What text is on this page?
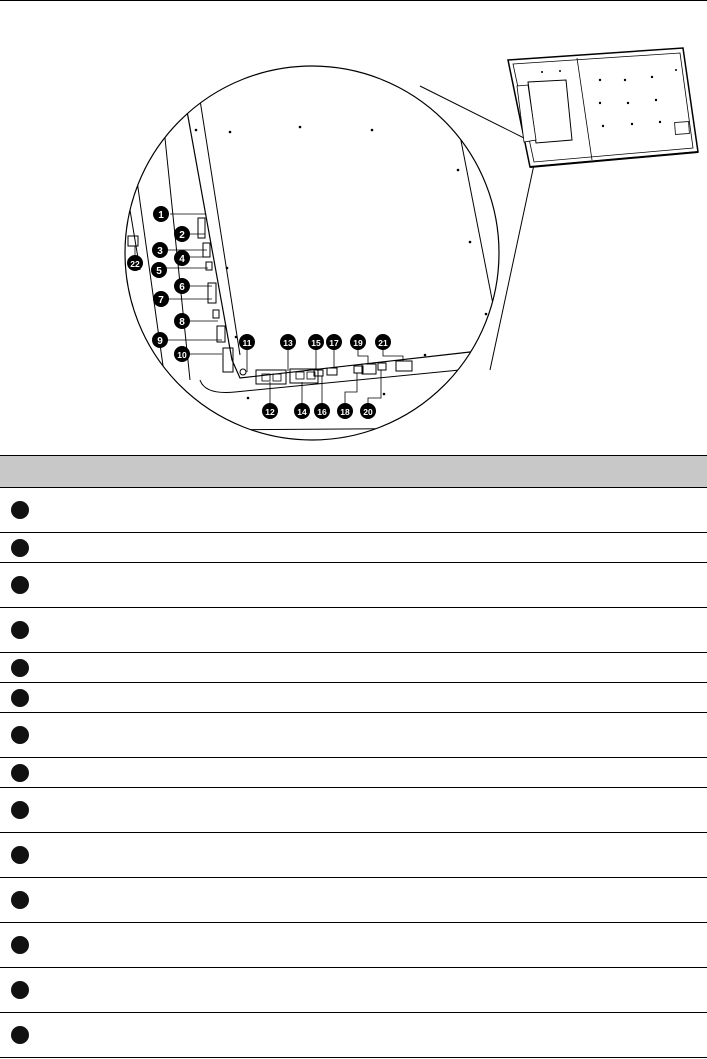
1
2
3
4
5
6
7
8
9
10
11
12
13
14
15
16
17
18
19
20
21
22
